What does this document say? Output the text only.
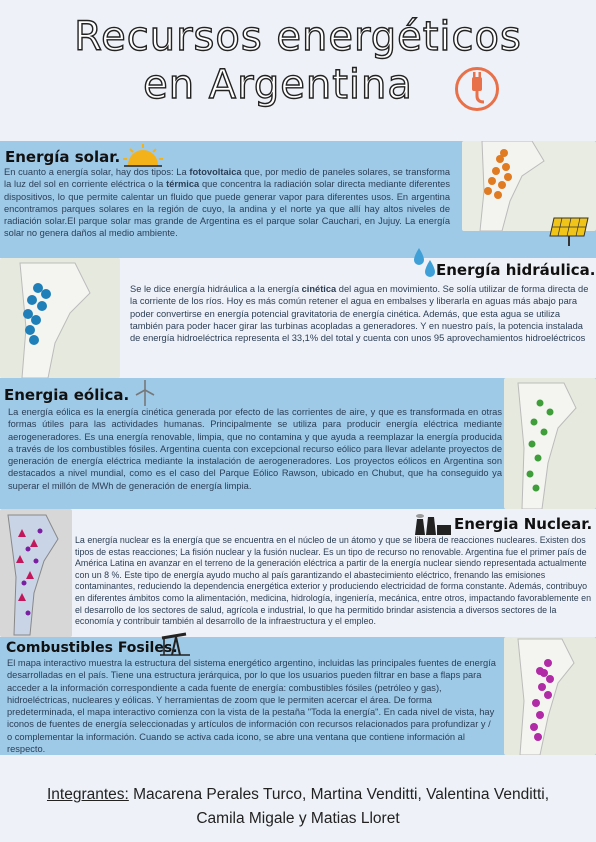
Recursos energéticos
en Argentina
Energía solar.
En cuanto a energía solar, hay dos tipos: La fotovoltaica que, por medio de paneles solares, se transforma la luz del sol en corriente eléctrica o la térmica que concentra la radiación solar directa mediante diferentes dispositivos, lo que permite calentar un fluido que puede generar vapor para diferentes usos. En argentina encontramos parques solares en la región de cuyo, la andina y el norte ya que allí hay altos niveles de radiación solar.El parque solar mas grande de Argentina es el parque solar Cauchari, en Jujuy. La energía solar no genera daños al medio ambiente.
Energía hidráulica.
Se le dice energía hidráulica a la energía cinética del agua en movimiento. Se solía utilizar de forma directa de la corriente de los ríos. Hoy es más común retener el agua en embalses y liberarla en aguas más abajo para poder convertirse en energía potencial gravitatoria de energía cinética. Además, que esta agua se utiliza también para poder hacer girar las turbinas acopladas a generadores. Y en nuestro país, la potencia instalada de energía hidroeléctrica representa el 33,1% del total y cuenta con unos 95 aprovechamientos hidroeléctricos
Energia eólica.
La energía eólica es la energía cinética generada por efecto de las corrientes de aire, y que es transformada en otras formas útiles para las actividades humanas. Principalmente se utiliza para producir energía eléctrica mediante aerogeneradores. Es una energía renovable, limpia, que no contamina y que ayuda a reemplazar la energía producida a través de los combustibles fósiles. Argentina cuenta con excepcional recurso eólico para llevar adelante proyectos de generación de energía eléctrica mediante la instalación de aerogeneradores. Los proyectos eólicos en Argentina son destacados a nivel mundial, como es el caso del Parque Eólico Rawson, ubicado en Chubut, que ha conseguido ya superar el millón de MWh de generación de energía limpia.
Energia Nuclear.
La energía nuclear es la energía que se encuentra en el núcleo de un átomo y que se libera de reacciones nucleares. Existen dos tipos de estas reacciones; La fisión nuclear y la fusión nuclear. Es un tipo de recurso no renovable. Argentina fue el primer país de América Latina en avanzar en el terreno de la generación eléctrica a partir de la energía nuclear siendo representada actualmente con un 8 %. Este tipo de energía ayudo mucho al país garantizando el abastecimiento eléctrico, frenando las emisiones contaminantes, reduciendo la dependencia energética exterior y produciendo electricidad de forma constante. Además, contribuyo en diferentes ámbitos como la alimentación, medicina, hidrología, ingeniería, mecánica, entre otros, impactando favorablemente en el desarrollo de los sectores de salud, agrícola e industrial, lo que ha permitido brindar asistencia a diversos sectores de la economía y contribuir también al desarrollo de la infraestructura y el empleo.
Combustibles Fosiles.
El mapa interactivo muestra la estructura del sistema energético argentino, incluidas las principales fuentes de energía desarrolladas en el país. Tiene una estructura jerárquica, por lo que los usuarios pueden filtrar en base a flaps para acceder a la información correspondiente a cada fuente de energía: combustibles fósiles (petróleo y gas), hidroeléctricas, nucleares y eólicas. Y herramientas de zoom que le permiten acercar el área. De forma predeterminada, el mapa interactivo comienza con la vista de la pestaña "Toda la energía". En cada nivel de vista, hay iconos de fuentes de energía seleccionadas y artículos de información con recursos relacionados para profundizar y / o complementar la información. Cuando se activa cada icono, se abre una ventana que contiene información al respecto.
Integrantes: Macarena Perales Turco, Martina Venditti, Valentina Venditti,
Camila Migale y Matias Lloret
